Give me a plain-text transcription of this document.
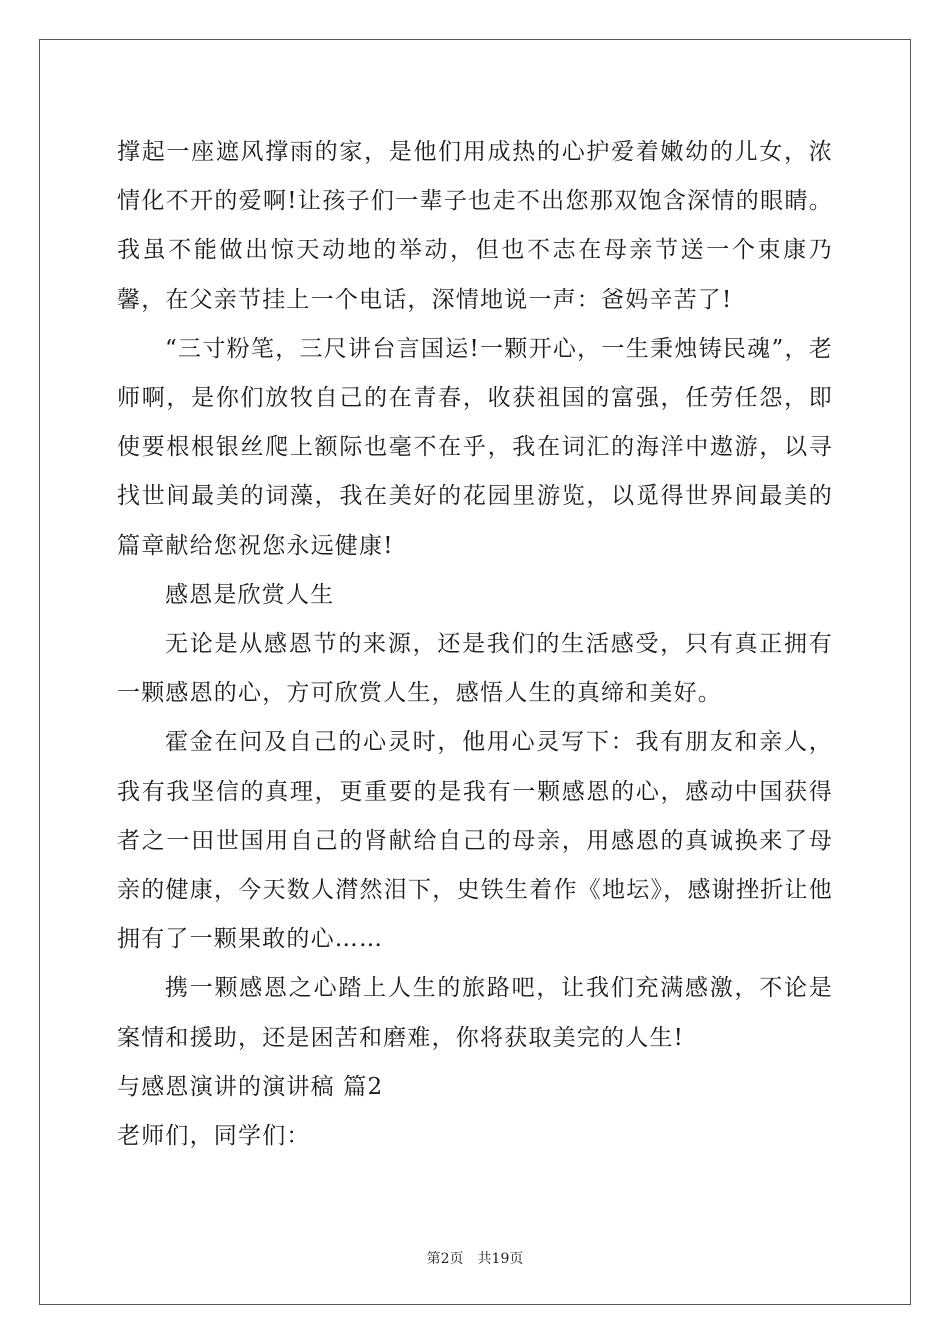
撑起一座遮风撑雨的家，是他们用成热的心护爱着嫩幼的儿女，浓情化不开的爱啊!让孩子们一辈子也走不出您那双饱含深情的眼睛。我虽不能做出惊天动地的举动，但也不志在母亲节送一个束康乃馨，在父亲节挂上一个电话，深情地说一声：爸妈辛苦了!

“三寸粉笔，三尺讲台言国运!一颗开心，一生秉烛铸民魂”，老师啊，是你们放牧自己的在青春，收获祖国的富强，任劳任怨，即使要根根银丝爬上额际也毫不在乎，我在词汇的海洋中遨游，以寻找世间最美的词藻，我在美好的花园里游览，以觅得世界间最美的篇章献给您祝您永远健康!

感恩是欣赏人生

无论是从感恩节的来源，还是我们的生活感受，只有真正拥有一颗感恩的心，方可欣赏人生，感悟人生的真缔和美好。

霍金在问及自己的心灵时，他用心灵写下：我有朋友和亲人，我有我坚信的真理，更重要的是我有一颗感恩的心，感动中国获得者之一田世国用自己的肾献给自己的母亲，用感恩的真诚换来了母亲的健康，今天数人潸然泪下，史铁生着作《地坛》，感谢挫折让他拥有了一颗果敢的心……

携一颗感恩之心踏上人生的旅路吧，让我们充满感激，不论是案情和援助，还是困苦和磨难，你将获取美完的人生!

与感恩演讲的演讲稿 篇2

老师们，同学们：

第2页 共19页
